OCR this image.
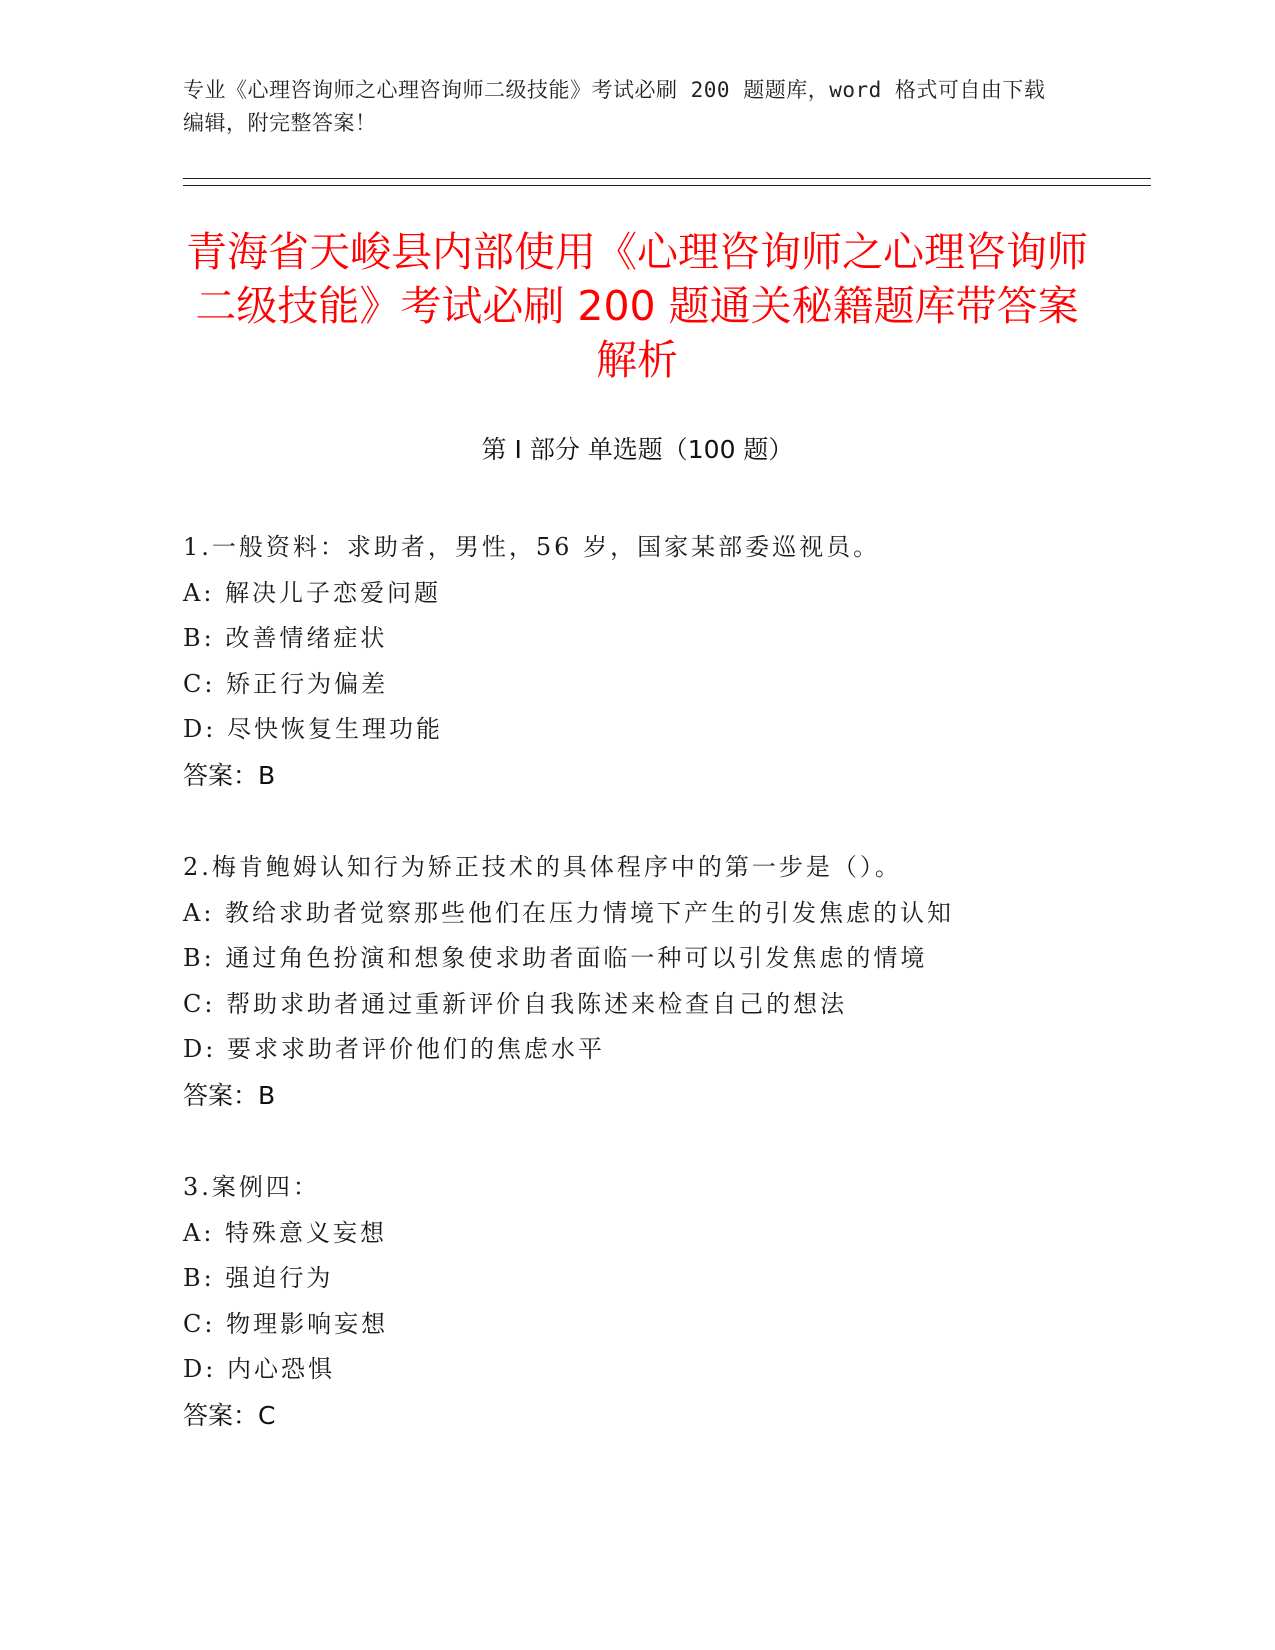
专业《心理咨询师之心理咨询师二级技能》考试必刷 200 题题库，word 格式可自由下载编辑，附完整答案！
青海省天峻县内部使用《心理咨询师之心理咨询师二级技能》考试必刷 200 题通关秘籍题库带答案解析
第 I 部分 单选题（100 题）
1.一般资料：求助者，男性，56 岁，国家某部委巡视员。
A: 解决儿子恋爱问题
B: 改善情绪症状
C: 矫正行为偏差
D: 尽快恢复生理功能
答案：B
2.梅肯鲍姆认知行为矫正技术的具体程序中的第一步是（）。
A: 教给求助者觉察那些他们在压力情境下产生的引发焦虑的认知
B: 通过角色扮演和想象使求助者面临一种可以引发焦虑的情境
C: 帮助求助者通过重新评价自我陈述来检查自己的想法
D: 要求求助者评价他们的焦虑水平
答案：B
3.案例四：
A: 特殊意义妄想
B: 强迫行为
C: 物理影响妄想
D: 内心恐惧
答案：C
